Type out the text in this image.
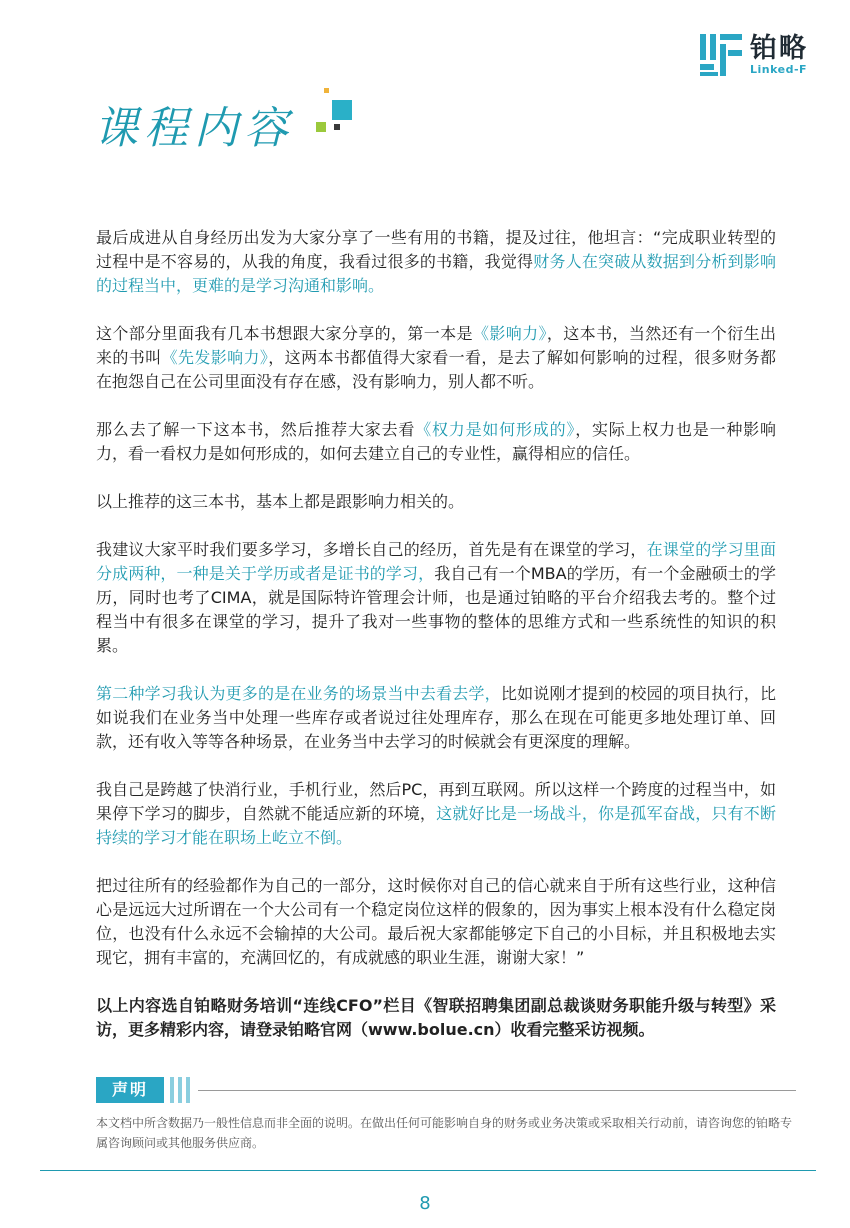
铂略
Linked-F
课程内容

最后成进从自身经历出发为大家分享了一些有用的书籍，提及过往，他坦言：“完成职业转型的过程中是不容易的，从我的角度，我看过很多的书籍，我觉得财务人在突破从数据到分析到影响的过程当中，更难的是学习沟通和影响。

这个部分里面我有几本书想跟大家分享的，第一本是《影响力》，这本书，当然还有一个衍生出来的书叫《先发影响力》，这两本书都值得大家看一看，是去了解如何影响的过程，很多财务都在抱怨自己在公司里面没有存在感，没有影响力，别人都不听。

那么去了解一下这本书，然后推荐大家去看《权力是如何形成的》，实际上权力也是一种影响力，看一看权力是如何形成的，如何去建立自己的专业性，赢得相应的信任。

以上推荐的这三本书，基本上都是跟影响力相关的。

我建议大家平时我们要多学习，多增长自己的经历，首先是有在课堂的学习，在课堂的学习里面分成两种，一种是关于学历或者是证书的学习，我自己有一个MBA的学历，有一个金融硕士的学历，同时也考了CIMA，就是国际特许管理会计师，也是通过铂略的平台介绍我去考的。整个过程当中有很多在课堂的学习，提升了我对一些事物的整体的思维方式和一些系统性的知识的积累。

第二种学习我认为更多的是在业务的场景当中去看去学，比如说刚才提到的校园的项目执行，比如说我们在业务当中处理一些库存或者说过往处理库存，那么在现在可能更多地处理订单、回款，还有收入等等各种场景，在业务当中去学习的时候就会有更深度的理解。

我自己是跨越了快消行业，手机行业，然后PC，再到互联网。所以这样一个跨度的过程当中，如果停下学习的脚步，自然就不能适应新的环境，这就好比是一场战斗，你是孤军奋战，只有不断持续的学习才能在职场上屹立不倒。

把过往所有的经验都作为自己的一部分，这时候你对自己的信心就来自于所有这些行业，这种信心是远远大过所谓在一个大公司有一个稳定岗位这样的假象的，因为事实上根本没有什么稳定岗位，也没有什么永远不会输掉的大公司。最后祝大家都能够定下自己的小目标，并且积极地去实现它，拥有丰富的，充满回忆的，有成就感的职业生涯，谢谢大家！”

以上内容选自铂略财务培训“连线CFO”栏目《智联招聘集团副总裁谈财务职能升级与转型》采访，更多精彩内容，请登录铂略官网（www.bolue.cn）收看完整采访视频。

声明
本文档中所含数据乃一般性信息而非全面的说明。在做出任何可能影响自身的财务或业务决策或采取相关行动前，请咨询您的铂略专属咨询顾问或其他服务供应商。
8
